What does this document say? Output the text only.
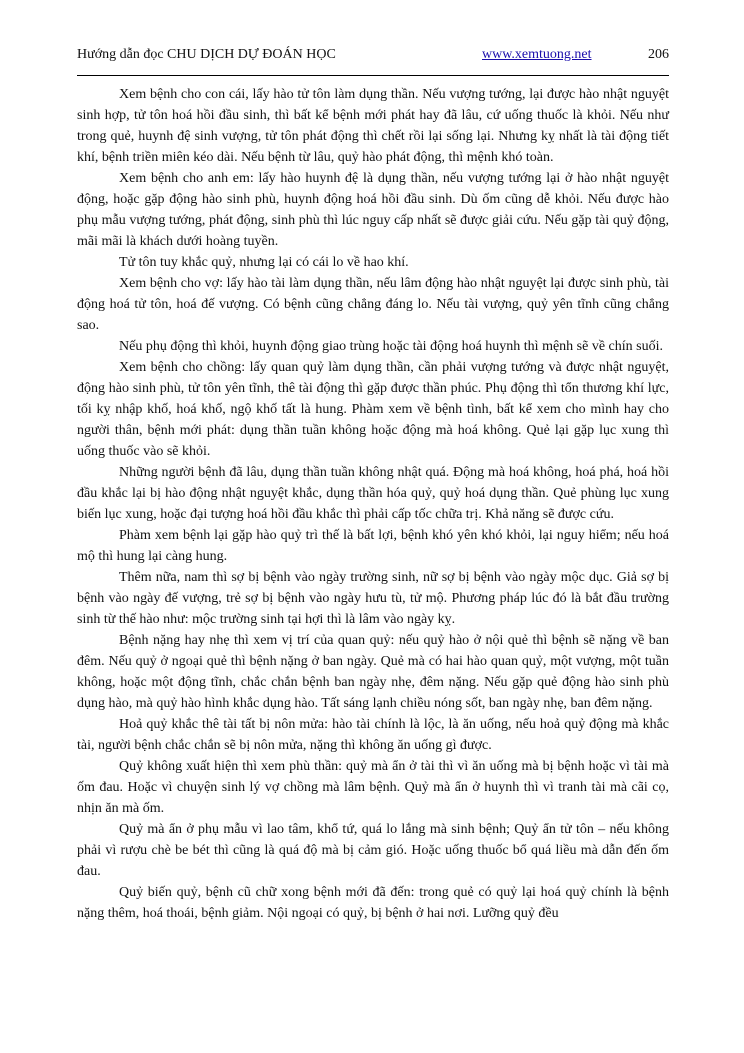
Hướng dẫn đọc CHU DỊCH DỰ ĐOÁN HỌC	www.xemtuong.net	206

Xem bệnh cho con cái, lấy hào tử tôn làm dụng thần. Nếu vượng tướng, lại được hào nhật nguyệt sinh hợp, tử tôn hoá hồi đầu sinh, thì bất kể bệnh mới phát hay đã lâu, cứ uống thuốc là khỏi. Nếu như trong quẻ, huynh đệ sinh vượng, tử tôn phát động thì chết rồi lại sống lại. Nhưng kỵ nhất là tài động tiết khí, bệnh triền miên kéo dài. Nếu bệnh từ lâu, quỷ hào phát động, thì mệnh khó toàn.

Xem bệnh cho anh em: lấy hào huynh đệ là dụng thần, nếu vượng tướng lại ở hào nhật nguyệt động, hoặc gặp động hào sinh phù, huynh động hoá hồi đầu sinh. Dù ốm cũng dễ khỏi. Nếu được hào phụ mẫu vượng tướng, phát động, sinh phù thì lúc nguy cấp nhất sẽ được giải cứu. Nếu gặp tài quỷ động, mãi mãi là khách dưới hoàng tuyền.

Tử tôn tuy khắc quỷ, nhưng lại có cái lo về hao khí.

Xem bệnh cho vợ: lấy hào tài làm dụng thần, nếu lâm động hào nhật nguyệt lại được sinh phù, tài động hoá tử tôn, hoá đế vượng. Có bệnh cũng chẳng đáng lo. Nếu tài vượng, quỷ yên tĩnh cũng chẳng sao.

Nếu phụ động thì khỏi, huynh động giao trùng hoặc tài động hoá huynh thì mệnh sẽ về chín suối.

Xem bệnh cho chồng: lấy quan quỷ làm dụng thần, cần phải vượng tướng và được nhật nguyệt, động hào sinh phù, tử tôn yên tĩnh, thê tài động thì gặp được thần phúc. Phụ động thì tổn thương khí lực, tối kỵ nhập khố, hoá khố, ngộ khố tất là hung. Phàm xem về bệnh tình, bất kể xem cho mình hay cho người thân, bệnh mới phát: dụng thần tuần không hoặc động mà hoá không. Quẻ lại gặp lục xung thì uống thuốc vào sẽ khỏi.

Những người bệnh đã lâu, dụng thần tuần không nhật quá. Động mà hoá không, hoá phá, hoá hồi đầu khắc lại bị hào động nhật nguyệt khắc, dụng thần hóa quỷ, quỷ hoá dụng thần. Quẻ phùng lục xung biến lục xung, hoặc đại tượng hoá hồi đầu khắc thì phải cấp tốc chữa trị. Khả năng sẽ được cứu.

Phàm xem bệnh lại gặp hào quỷ trì thế là bất lợi, bệnh khó yên khó khỏi, lại nguy hiểm; nếu hoá mộ thì hung lại càng hung.

Thêm nữa, nam thì sợ bị bệnh vào ngày trường sinh, nữ sợ bị bệnh vào ngày mộc dục. Giả sợ bị bệnh vào ngày đế vượng, trẻ sợ bị bệnh vào ngày hưu tù, tử mộ. Phương pháp lúc đó là bắt đầu trường sinh từ thế hào như: mộc trường sinh tại hợi thì là lâm vào ngày kỵ.

Bệnh nặng hay nhẹ thì xem vị trí của quan quỷ: nếu quỷ hào ở nội quẻ thì bệnh sẽ nặng về ban đêm. Nếu quỷ ở ngoại quẻ thì bệnh nặng ở ban ngày. Quẻ mà có hai hào quan quỷ, một vượng, một tuần không, hoặc một động tĩnh, chắc chắn bệnh ban ngày nhẹ, đêm nặng. Nếu gặp quẻ động hào sinh phù dụng hào, mà quỷ hào hình khắc dụng hào. Tất sáng lạnh chiều nóng sốt, ban ngày nhẹ, ban đêm nặng.

Hoả quỷ khắc thê tài tất bị nôn mửa: hào tài chính là lộc, là ăn uống, nếu hoả quỷ động mà khắc tài, người bệnh chắc chắn sẽ bị nôn mửa, nặng thì không ăn uống gì được.

Quỷ không xuất hiện thì xem phù thần: quỷ mà ẩn ở tài thì vì ăn uống mà bị bệnh hoặc vì tài mà ốm đau. Hoặc vì chuyện sinh lý vợ chồng mà lâm bệnh. Quỷ mà ẩn ở huynh thì vì tranh tài mà cãi cọ, nhịn ăn mà ốm.

Quỷ mà ẩn ở phụ mẫu vì lao tâm, khổ tứ, quá lo lắng mà sinh bệnh; Quỷ ẩn tử tôn – nếu không phải vì rượu chè be bét thì cũng là quá độ mà bị cảm gió. Hoặc uống thuốc bổ quá liều mà dẫn đến ốm đau.

Quỷ biến quỷ, bệnh cũ chữ xong bệnh mới đã đến: trong quẻ có quỷ lại hoá quỷ chính là bệnh nặng thêm, hoá thoái, bệnh giảm. Nội ngoại có quỷ, bị bệnh ở hai nơi. Lưỡng quỷ đều
